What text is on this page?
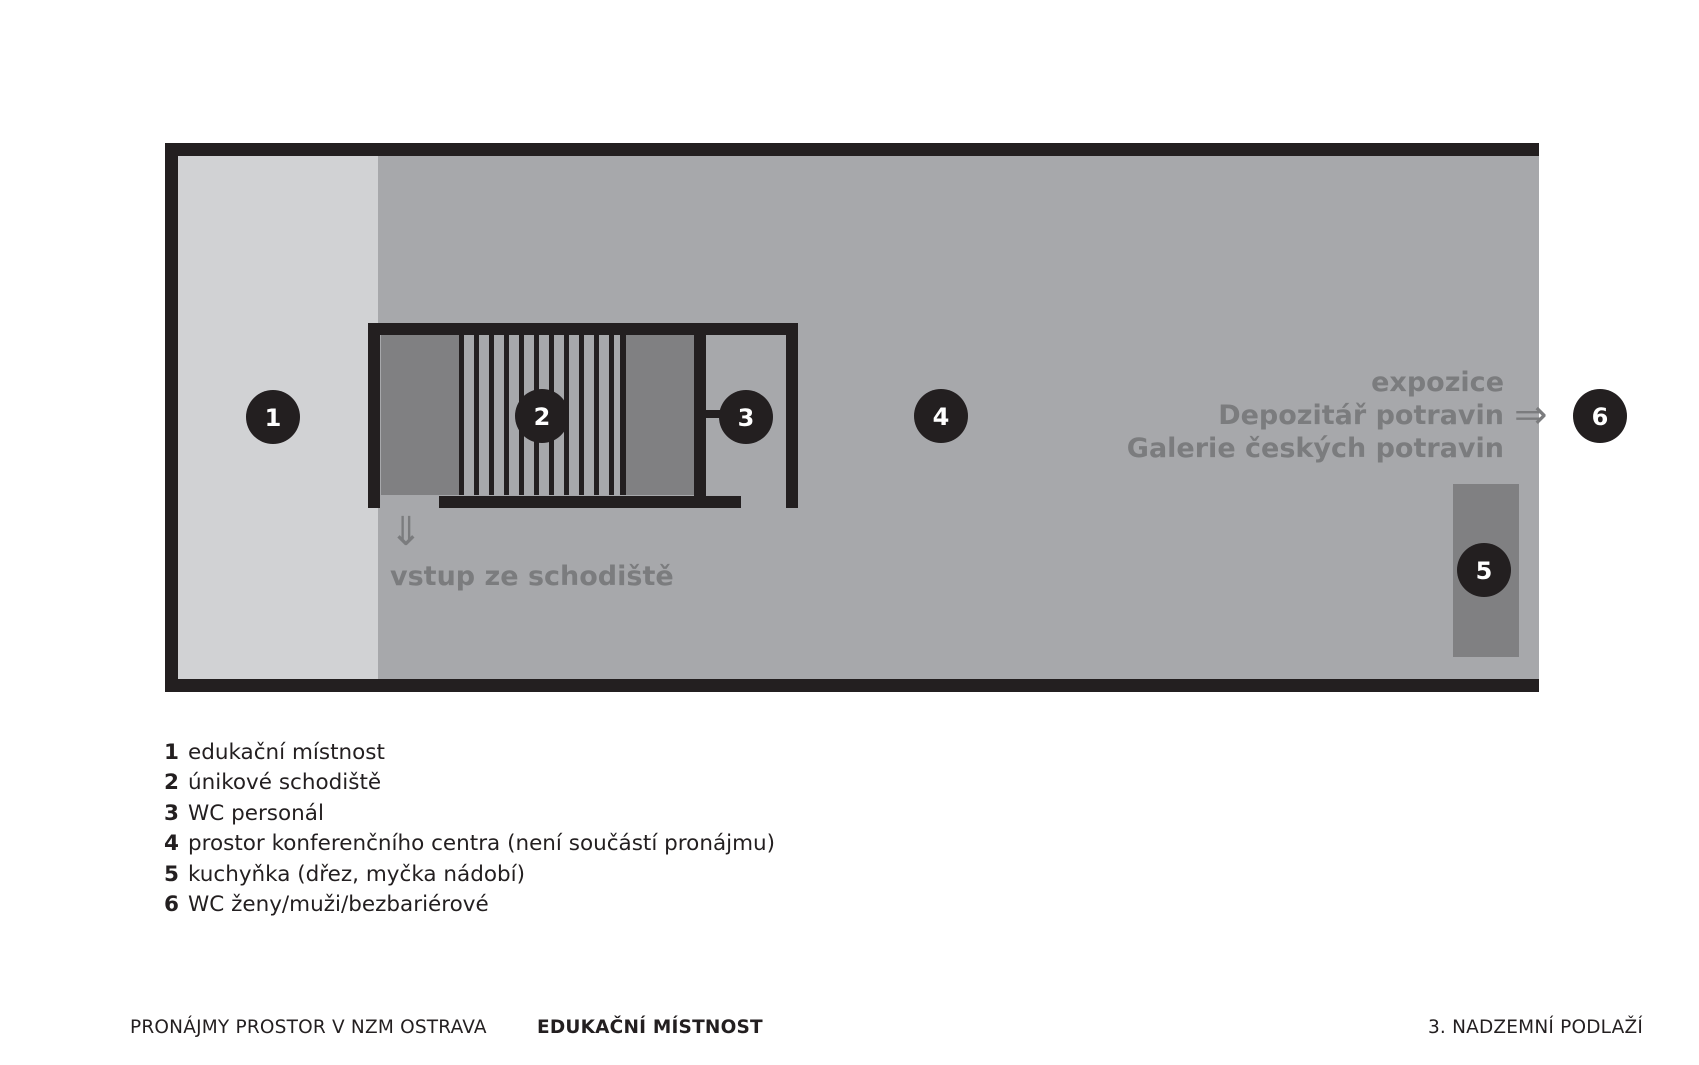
expozice
Depozitář potravin
Galerie českých potravin
⇒
⇓
vstup ze schodiště
1	2	3	4
5
6
1 edukační místnost
2 únikové schodiště
3 WC personál
4 prostor konferenčního centra (není součástí pronájmu)
5 kuchyňka (dřez, myčka nádobí)
6 WC ženy/muži/bezbariérové
PRONÁJMY PROSTOR V NZM OSTRAVA	EDUKAČNÍ MÍSTNOST	3. NADZEMNÍ PODLAŽÍ
